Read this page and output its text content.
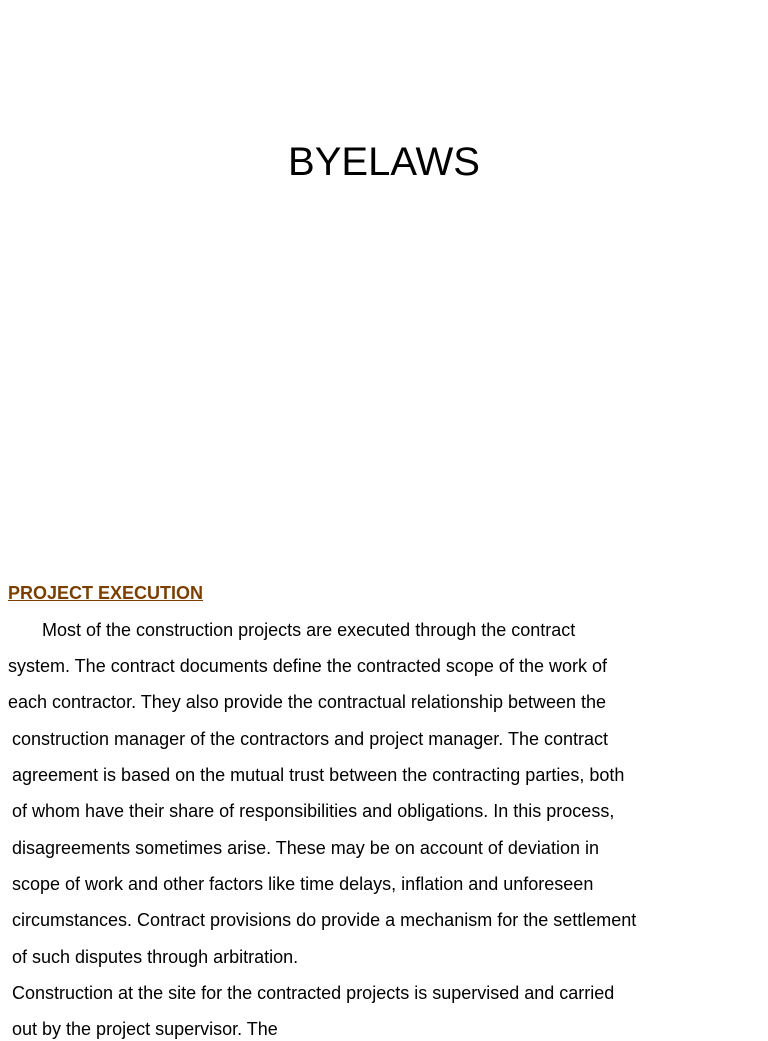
BYELAWS
PROJECT EXECUTION

Most of the construction projects are executed through the contract

system. The contract documents define the contracted scope of the work of

each contractor. They also provide the contractual relationship between the

construction manager of the contractors and project manager. The contract

agreement is based on the mutual trust between the contracting parties, both

of whom have their share of responsibilities and obligations. In this process,

disagreements sometimes arise. These may be on account of deviation in

scope of work and other factors like time delays, inflation and unforeseen

circumstances. Contract provisions do provide a mechanism for the settlement

of such disputes through arbitration.

Construction at the site for the contracted projects is supervised and carried

out by the project supervisor. The
